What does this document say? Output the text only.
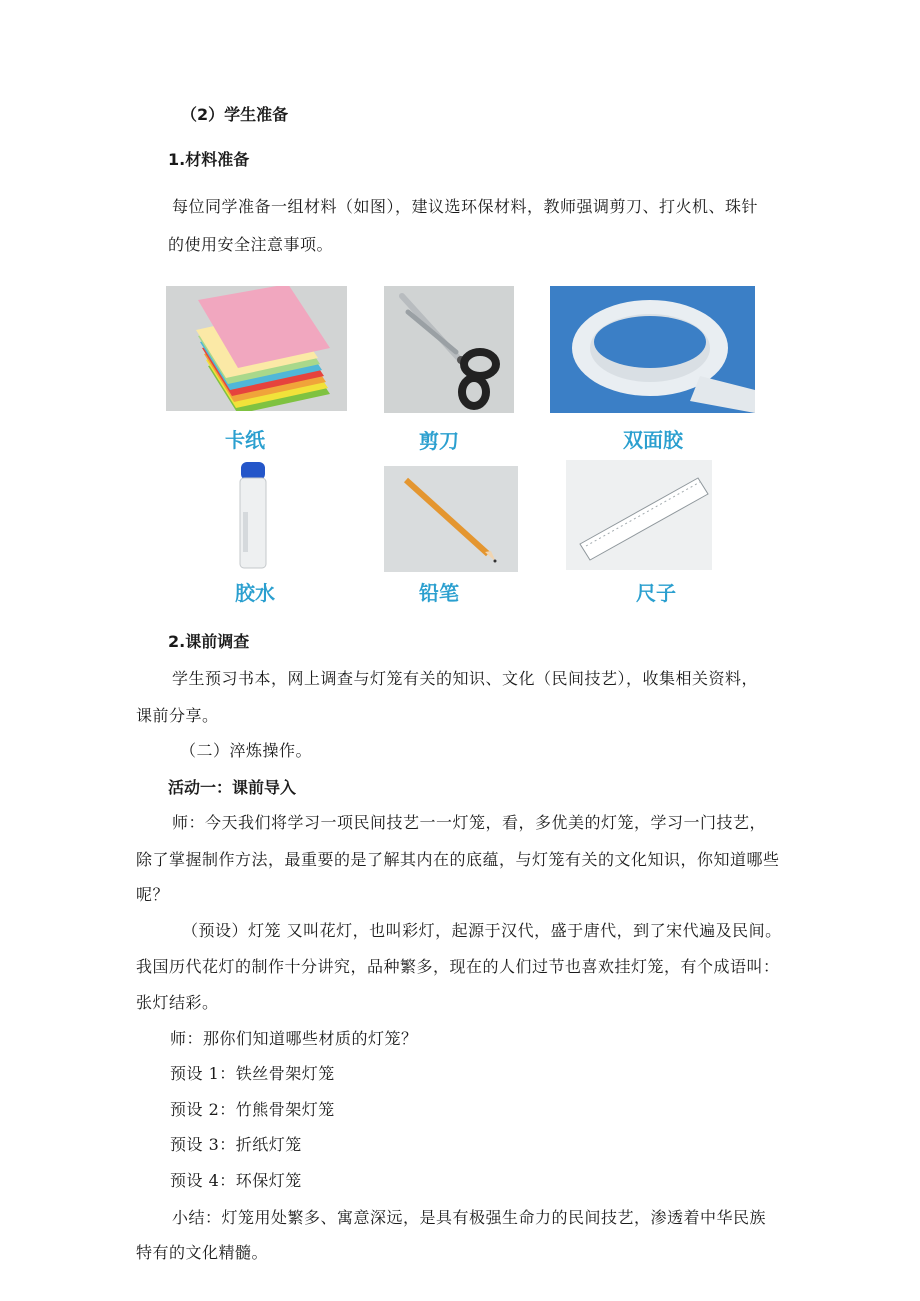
（2）学生准备
1.材料准备
每位同学准备一组材料（如图），建议选环保材料，教师强调剪刀、打火机、珠针
的使用安全注意事项。
卡纸	剪刀	双面胶
胶水	铅笔	尺子
2.课前调查
学生预习书本，网上调查与灯笼有关的知识、文化（民间技艺），收集相关资料，
课前分享。
（二）淬炼操作。
活动一：课前导入
师：今天我们将学习一项民间技艺一一灯笼，看，多优美的灯笼，学习一门技艺，
除了掌握制作方法，最重要的是了解其内在的底蕴，与灯笼有关的文化知识，你知道哪些
呢？
（预设）灯笼 又叫花灯，也叫彩灯，起源于汉代，盛于唐代，到了宋代遍及民间。
我国历代花灯的制作十分讲究，品种繁多，现在的人们过节也喜欢挂灯笼，有个成语叫：
张灯结彩。
师：那你们知道哪些材质的灯笼？
预设 1：铁丝骨架灯笼
预设 2：竹熊骨架灯笼
预设 3：折纸灯笼
预设 4：环保灯笼
小结：灯笼用处繁多、寓意深远，是具有极强生命力的民间技艺，渗透着中华民族
特有的文化精髓。
